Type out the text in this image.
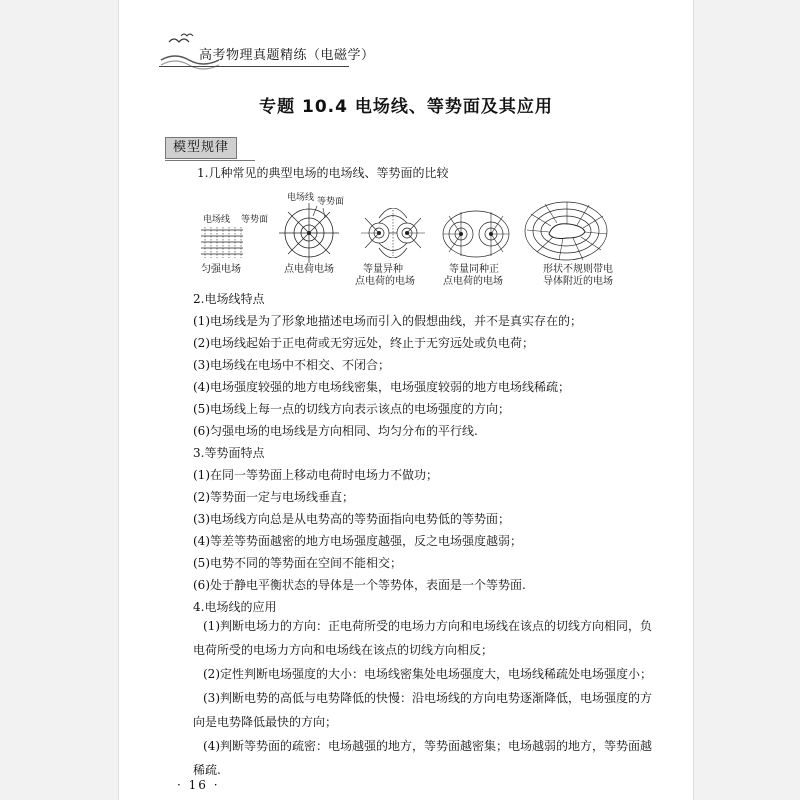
高考物理真题精练（电磁学）
专题 10.4 电场线、等势面及其应用
模型规律
1.几种常见的典型电场的电场线、等势面的比较
电场线 等势面
匀强电场
电场线 等势面
点电荷电场	等量异种
点电荷的电场
等量同种正
点电荷的电场
形状不规则带电
导体附近的电场
2.电场线特点
(1)电场线是为了形象地描述电场而引入的假想曲线，并不是真实存在的；
(2)电场线起始于正电荷或无穷远处，终止于无穷远处或负电荷；
(3)电场线在电场中不相交、不闭合；
(4)电场强度较强的地方电场线密集，电场强度较弱的地方电场线稀疏；
(5)电场线上每一点的切线方向表示该点的电场强度的方向；
(6)匀强电场的电场线是方向相同、均匀分布的平行线.
3.等势面特点
(1)在同一等势面上移动电荷时电场力不做功；
(2)等势面一定与电场线垂直；
(3)电场线方向总是从电势高的等势面指向电势低的等势面；
(4)等差等势面越密的地方电场强度越强，反之电场强度越弱；
(5)电势不同的等势面在空间不能相交；
(6)处于静电平衡状态的导体是一个等势体，表面是一个等势面.
4.电场线的应用
(1)判断电场力的方向：正电荷所受的电场力方向和电场线在该点的切线方向相同，负电荷所受的电场力方向和电场线在该点的切线方向相反；
(2)定性判断电场强度的大小：电场线密集处电场强度大，电场线稀疏处电场强度小；
(3)判断电势的高低与电势降低的快慢：沿电场线的方向电势逐渐降低，电场强度的方向是电势降低最快的方向；
(4)判断等势面的疏密：电场越强的地方，等势面越密集；电场越弱的地方，等势面越稀疏.
· 16 ·
